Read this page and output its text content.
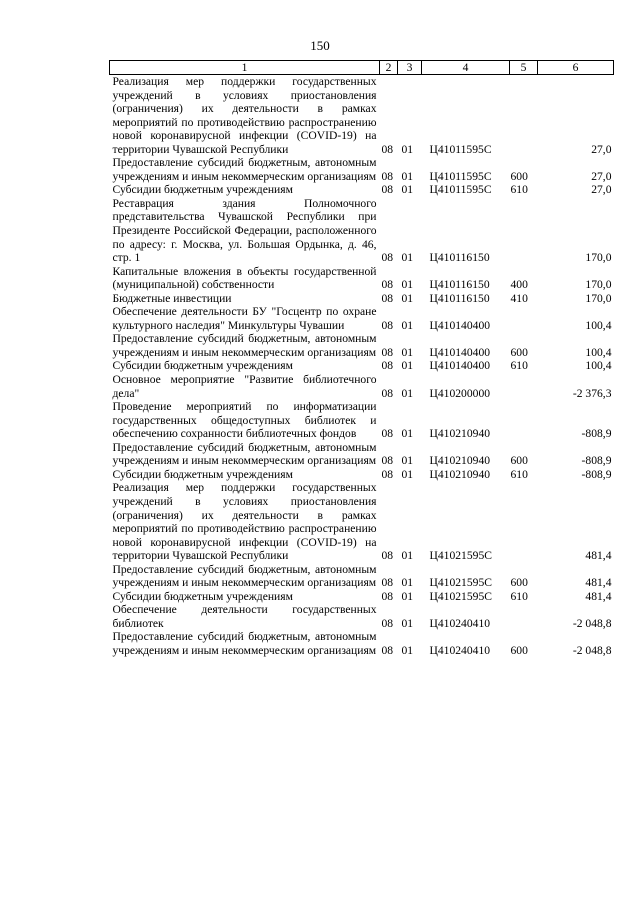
150
1	2	3	4	5	6
Реализация мер поддержки государственных учреждений в условиях приостановления (ограничения) их деятельности в рамках мероприятий по противодействию распространению новой коронавирусной инфекции (COVID-19) на территории Чувашской Республики	08	01	Ц41011595С		27,0
Предоставление субсидий бюджетным, автономным учреждениям и иным некоммерческим организациям	08	01	Ц41011595С	600	27,0
Субсидии бюджетным учреждениям	08	01	Ц41011595С	610	27,0
Реставрация здания Полномочного представительства Чувашской Республики при Президенте Российской Федерации, расположенного по адресу: г. Москва, ул. Большая Ордынка, д. 46, стр. 1	08	01	Ц410116150		170,0
Капитальные вложения в объекты государственной (муниципальной) собственности	08	01	Ц410116150	400	170,0
Бюджетные инвестиции	08	01	Ц410116150	410	170,0
Обеспечение деятельности БУ "Госцентр по охране культурного наследия" Минкультуры Чувашии	08	01	Ц410140400		100,4
Предоставление субсидий бюджетным, автономным учреждениям и иным некоммерческим организациям	08	01	Ц410140400	600	100,4
Субсидии бюджетным учреждениям	08	01	Ц410140400	610	100,4
Основное мероприятие "Развитие библиотечного дела"	08	01	Ц410200000		-2 376,3
Проведение мероприятий по информатизации государственных общедоступных библиотек и обеспечению сохранности библиотечных фондов	08	01	Ц410210940		-808,9
Предоставление субсидий бюджетным, автономным учреждениям и иным некоммерческим организациям	08	01	Ц410210940	600	-808,9
Субсидии бюджетным учреждениям	08	01	Ц410210940	610	-808,9
Реализация мер поддержки государственных учреждений в условиях приостановления (ограничения) их деятельности в рамках мероприятий по противодействию распространению новой коронавирусной инфекции (COVID-19) на территории Чувашской Республики	08	01	Ц41021595С		481,4
Предоставление субсидий бюджетным, автономным учреждениям и иным некоммерческим организациям	08	01	Ц41021595С	600	481,4
Субсидии бюджетным учреждениям	08	01	Ц41021595С	610	481,4
Обеспечение деятельности государственных библиотек	08	01	Ц410240410		-2 048,8
Предоставление субсидий бюджетным, автономным учреждениям и иным некоммерческим организациям	08	01	Ц410240410	600	-2 048,8
